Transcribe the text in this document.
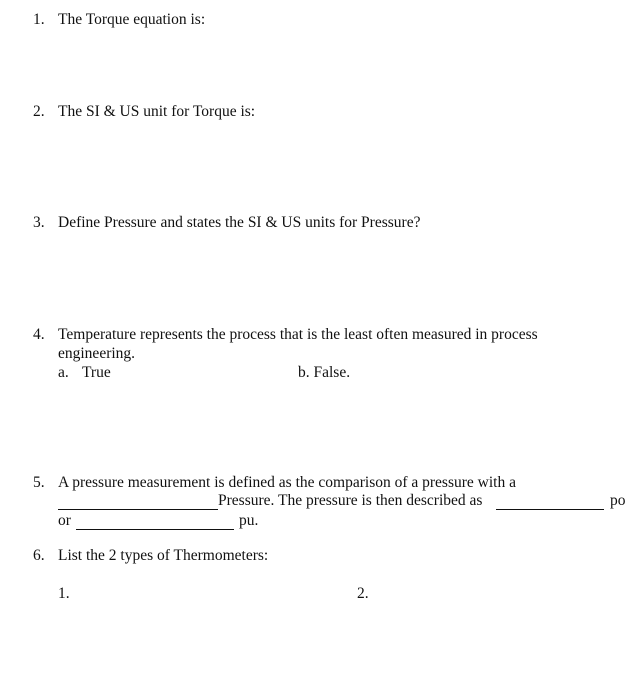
1. The Torque equation is:
2. The SI & US unit for Torque is:
3. Define Pressure and states the SI & US units for Pressure?
4. Temperature represents the process that is the least often measured in process
engineering.
a. True	b. False.
5. A pressure measurement is defined as the comparison of a pressure with a
Pressure. The pressure is then described as	po
or	pu.
6. List the 2 types of Thermometers:
1.	2.
